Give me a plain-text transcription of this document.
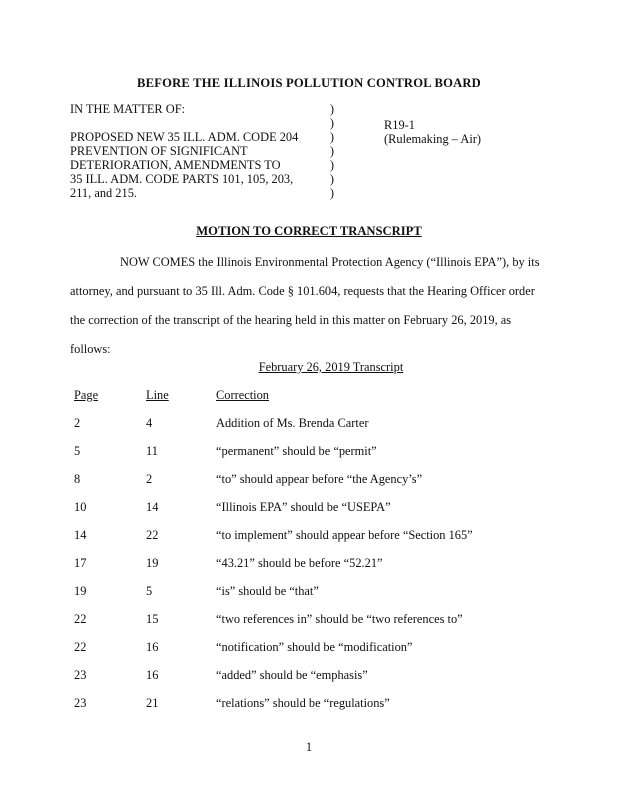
BEFORE THE ILLINOIS POLLUTION CONTROL BOARD
IN THE MATTER OF:
PROPOSED NEW 35 ILL. ADM. CODE 204
PREVENTION OF SIGNIFICANT
DETERIORATION, AMENDMENTS TO
35 ILL. ADM. CODE PARTS 101, 105, 203,
211, and 215.
)
)
)
)
)
)
)
R19-1
(Rulemaking – Air)
MOTION TO CORRECT TRANSCRIPT

NOW COMES the Illinois Environmental Protection Agency (“Illinois EPA”), by its

attorney, and pursuant to 35 Ill. Adm. Code § 101.604, requests that the Hearing Officer order the correction of the transcript of the hearing held in this matter on February 26, 2019, as follows:

February 26, 2019 Transcript
Page	Line	Correction
2	4	Addition of Ms. Brenda Carter
5	11	“permanent” should be “permit”
8	2	“to” should appear before “the Agency’s”
10	14	“Illinois EPA” should be “USEPA”
14	22	“to implement” should appear before “Section 165”
17	19	“43.21” should be before “52.21”
19	5	“is” should be “that”
22	15	“two references in” should be “two references to”
22	16	“notification” should be “modification”
23	16	“added” should be “emphasis”
23	21	“relations” should be “regulations”
1
